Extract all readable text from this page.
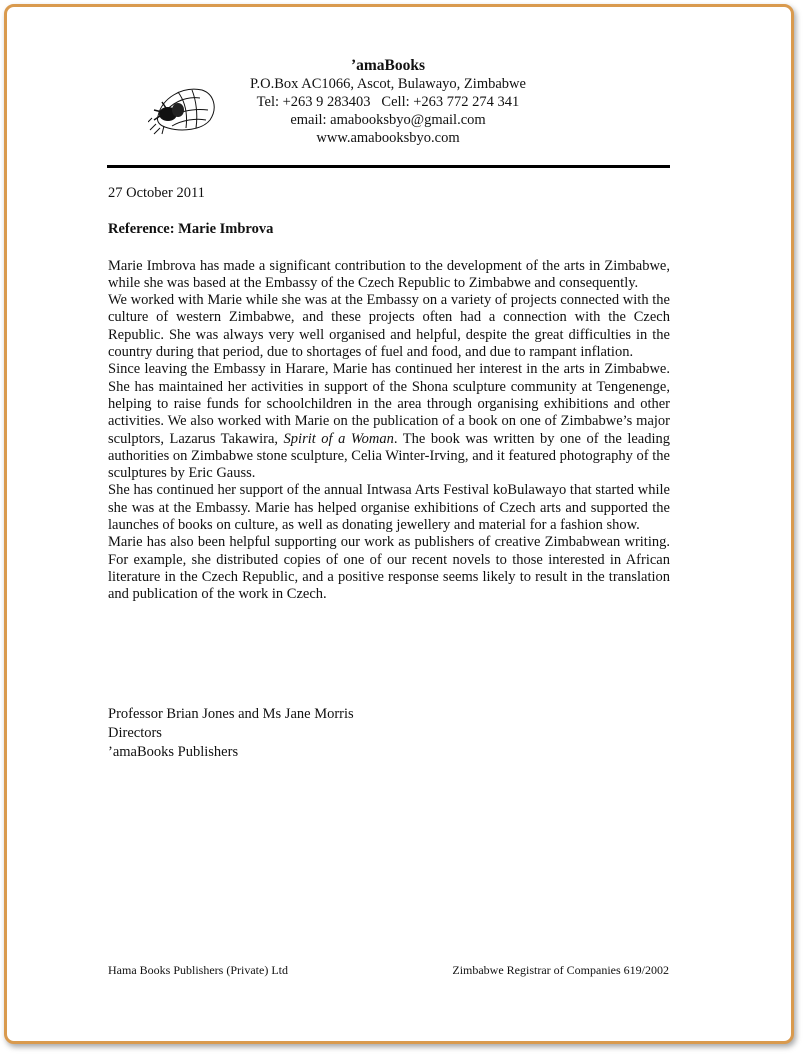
’amaBooks
P.O.Box AC1066, Ascot, Bulawayo, Zimbabwe
Tel: +263 9 283403   Cell: +263 772 274 341
email: amabooksbyo@gmail.com
www.amabooksbyo.com

27 October 2011

Reference: Marie Imbrova

Marie Imbrova has made a significant contribution to the development of the arts in Zimbabwe, while she was based at the Embassy of the Czech Republic to Zimbabwe and consequently.

We worked with Marie while she was at the Embassy on a variety of projects connected with the culture of western Zimbabwe, and these projects often had a connection with the Czech Republic. She was always very well organised and helpful, despite the great difficulties in the country during that period, due to shortages of fuel and food, and due to rampant inflation.

Since leaving the Embassy in Harare, Marie has continued her interest in the arts in Zimbabwe. She has maintained her activities in support of the Shona sculpture community at Tengenenge, helping to raise funds for schoolchildren in the area through organising exhibitions and other activities. We also worked with Marie on the publication of a book on one of Zimbabwe’s major sculptors, Lazarus Takawira, Spirit of a Woman. The book was written by one of the leading authorities on Zimbabwe stone sculpture, Celia Winter-Irving, and it featured photography of the sculptures by Eric Gauss.

She has continued her support of the annual Intwasa Arts Festival koBulawayo that started while she was at the Embassy. Marie has helped organise exhibitions of Czech arts and supported the launches of books on culture, as well as donating jewellery and material for a fashion show.

Marie has also been helpful supporting our work as publishers of creative Zimbabwean writing. For example, she distributed copies of one of our recent novels to those interested in African literature in the Czech Republic, and a positive response seems likely to result in the translation and publication of the work in Czech.

Professor Brian Jones and Ms Jane Morris
Directors
’amaBooks Publishers
Hama Books Publishers (Private) Ltd	Zimbabwe Registrar of Companies 619/2002
